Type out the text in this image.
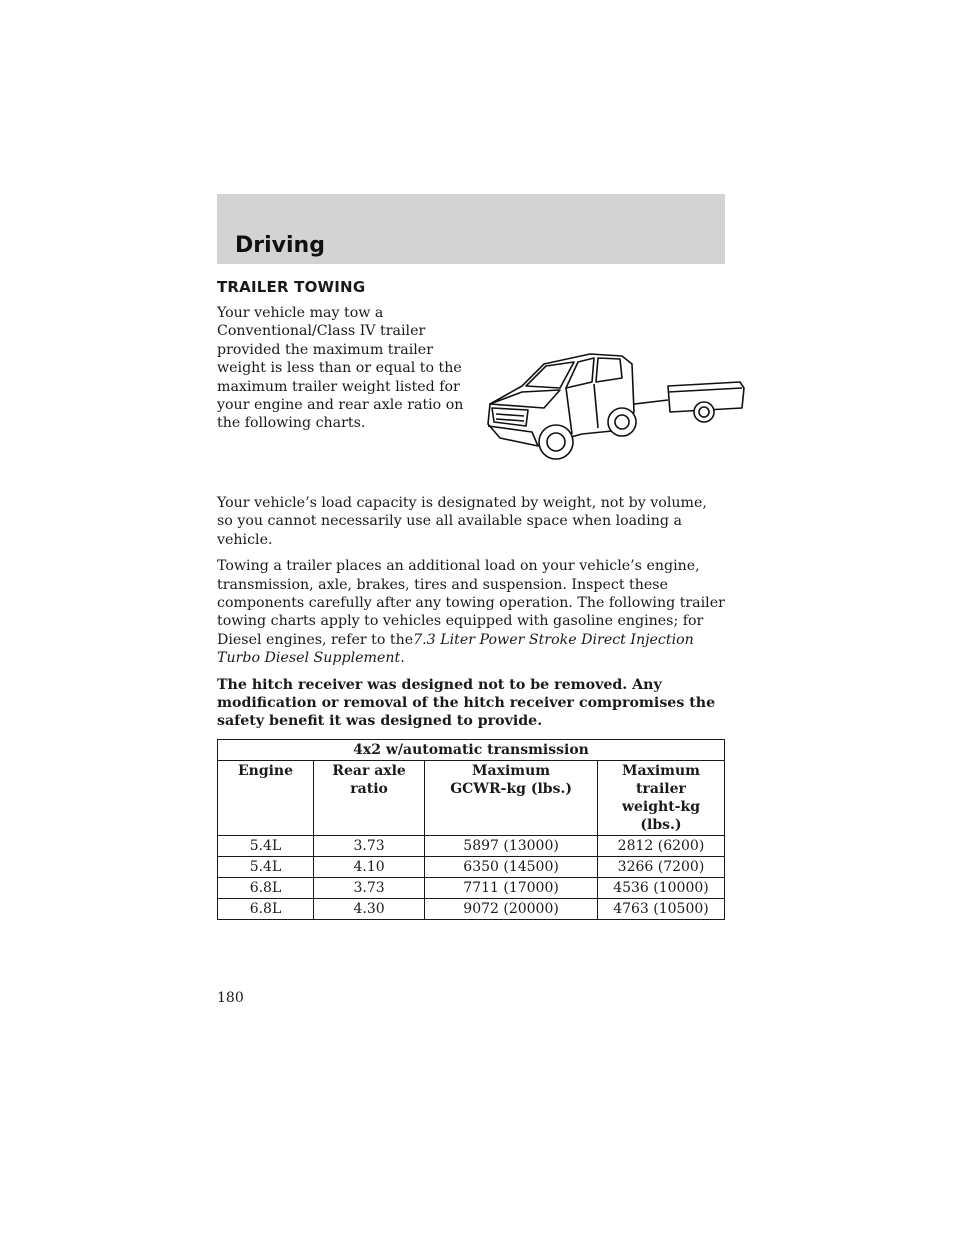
Driving
TRAILER TOWING

Your vehicle may tow a Conventional/Class IV trailer provided the maximum trailer weight is less than or equal to the maximum trailer weight listed for your engine and rear axle ratio on the following charts.

Your vehicle’s load capacity is designated by weight, not by volume, so you cannot necessarily use all available space when loading a vehicle.

Towing a trailer places an additional load on your vehicle’s engine, transmission, axle, brakes, tires and suspension. Inspect these components carefully after any towing operation. The following trailer towing charts apply to vehicles equipped with gasoline engines; for Diesel engines, refer to the7.3 Liter Power Stroke Direct Injection Turbo Diesel Supplement.

The hitch receiver was designed not to be removed. Any modification or removal of the hitch receiver compromises the safety benefit it was designed to provide.

4x2 w/automatic transmission			
Engine	Rear axle ratio	Maximum GCWR-kg (lbs.)	Maximum trailer weight-kg (lbs.)
5.4L	3.73	5897 (13000)	2812 (6200)
5.4L	4.10	6350 (14500)	3266 (7200)
6.8L	3.73	7711 (17000)	4536 (10000)
6.8L	4.30	9072 (20000)	4763 (10500)
180
